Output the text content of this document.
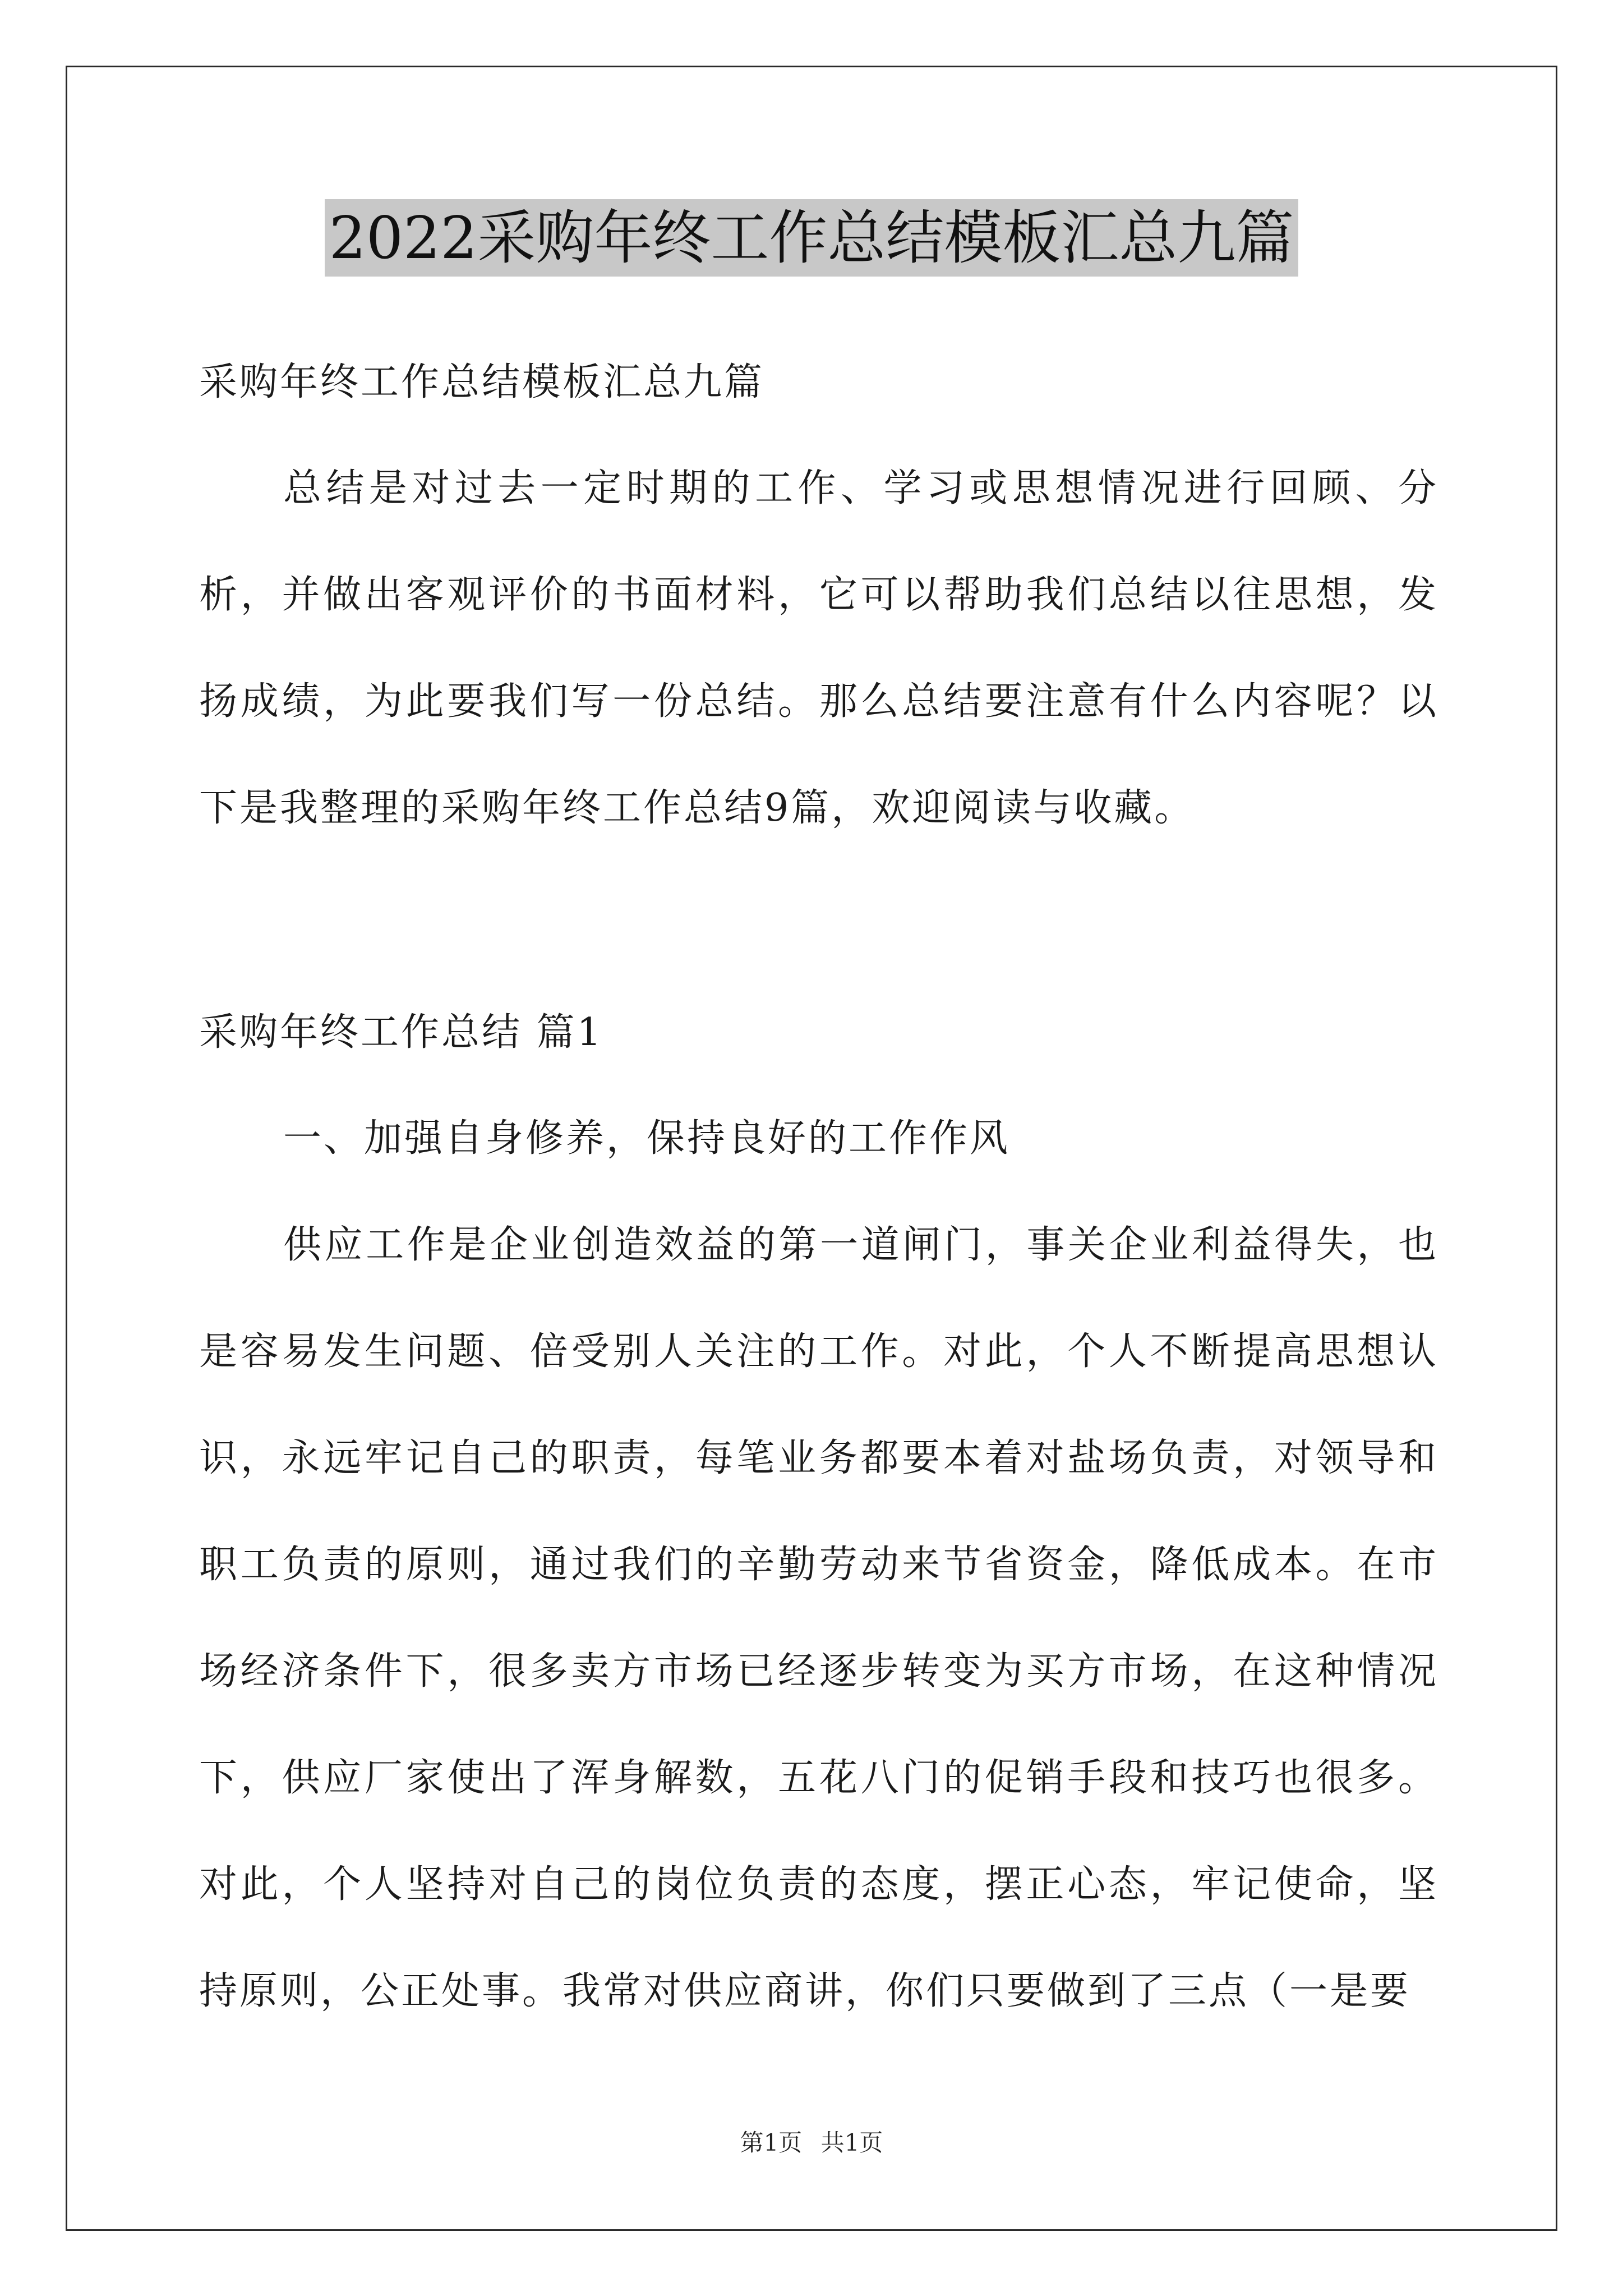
2022采购年终工作总结模板汇总九篇

采购年终工作总结模板汇总九篇

总结是对过去一定时期的工作、学习或思想情况进行回顾、分析，并做出客观评价的书面材料，它可以帮助我们总结以往思想，发扬成绩，为此要我们写一份总结。那么总结要注意有什么内容呢？以下是我整理的采购年终工作总结9篇，欢迎阅读与收藏。

采购年终工作总结 篇1

一、加强自身修养，保持良好的工作作风

供应工作是企业创造效益的第一道闸门，事关企业利益得失，也是容易发生问题、倍受别人关注的工作。对此，个人不断提高思想认识，永远牢记自己的职责，每笔业务都要本着对盐场负责，对领导和职工负责的原则，通过我们的辛勤劳动来节省资金，降低成本。在市场经济条件下，很多卖方市场已经逐步转变为买方市场，在这种情况下，供应厂家使出了浑身解数，五花八门的促销手段和技巧也很多。对此，个人坚持对自己的岗位负责的态度，摆正心态，牢记使命，坚持原则，公正处事。我常对供应商讲，你们只要做到了三点（一是要

第1页 共1页
